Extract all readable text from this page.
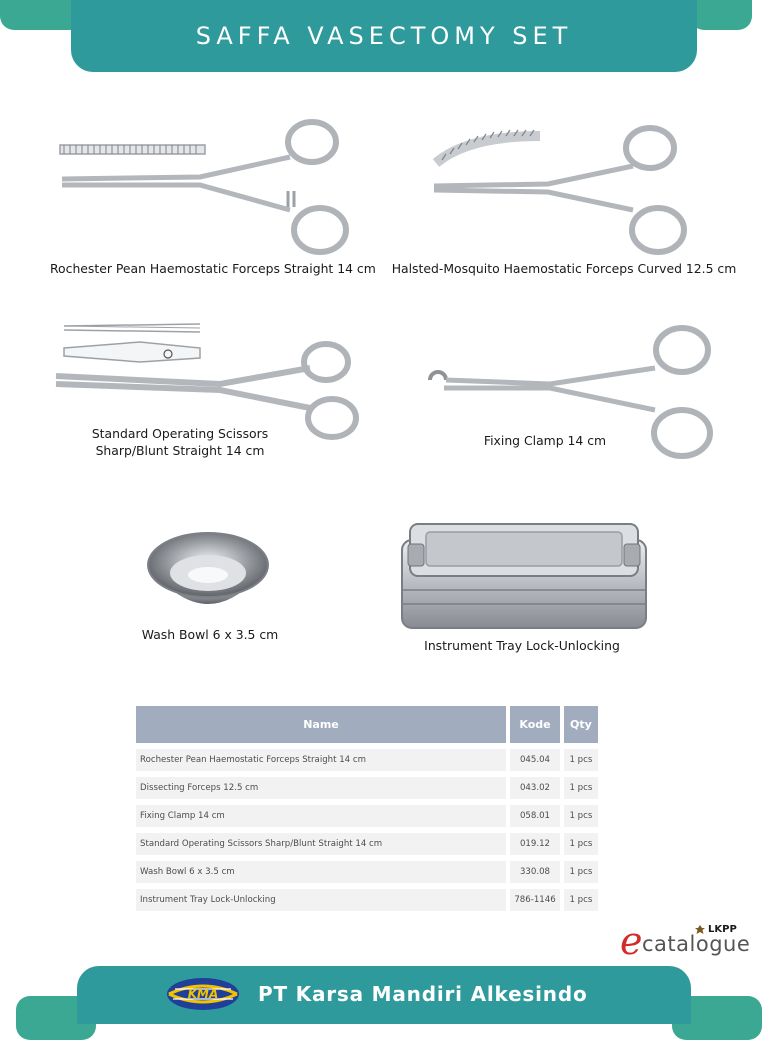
SAFFA VASECTOMY SET
Rochester Pean Haemostatic Forceps Straight 14 cm Halsted-Mosquito Haemostatic Forceps Curved 12.5 cm
Standard Operating Scissors
Sharp/Blunt Straight 14 cm
Fixing Clamp 14 cm
Wash Bowl 6 x 3.5 cm
Instrument Tray Lock-Unlocking
Name	Kode	Qty
Rochester Pean Haemostatic Forceps Straight 14 cm	045.04	1 pcs
Dissecting Forceps 12.5 cm	043.02	1 pcs
Fixing Clamp 14 cm	058.01	1 pcs
Standard Operating Scissors Sharp/Blunt Straight 14 cm	019.12	1 pcs
Wash Bowl 6 x 3.5 cm	330.08	1 pcs
Instrument Tray Lock-Unlocking	786-1146	1 pcs
e catalogue
LKPP
KMA PT Karsa Mandiri Alkesindo
